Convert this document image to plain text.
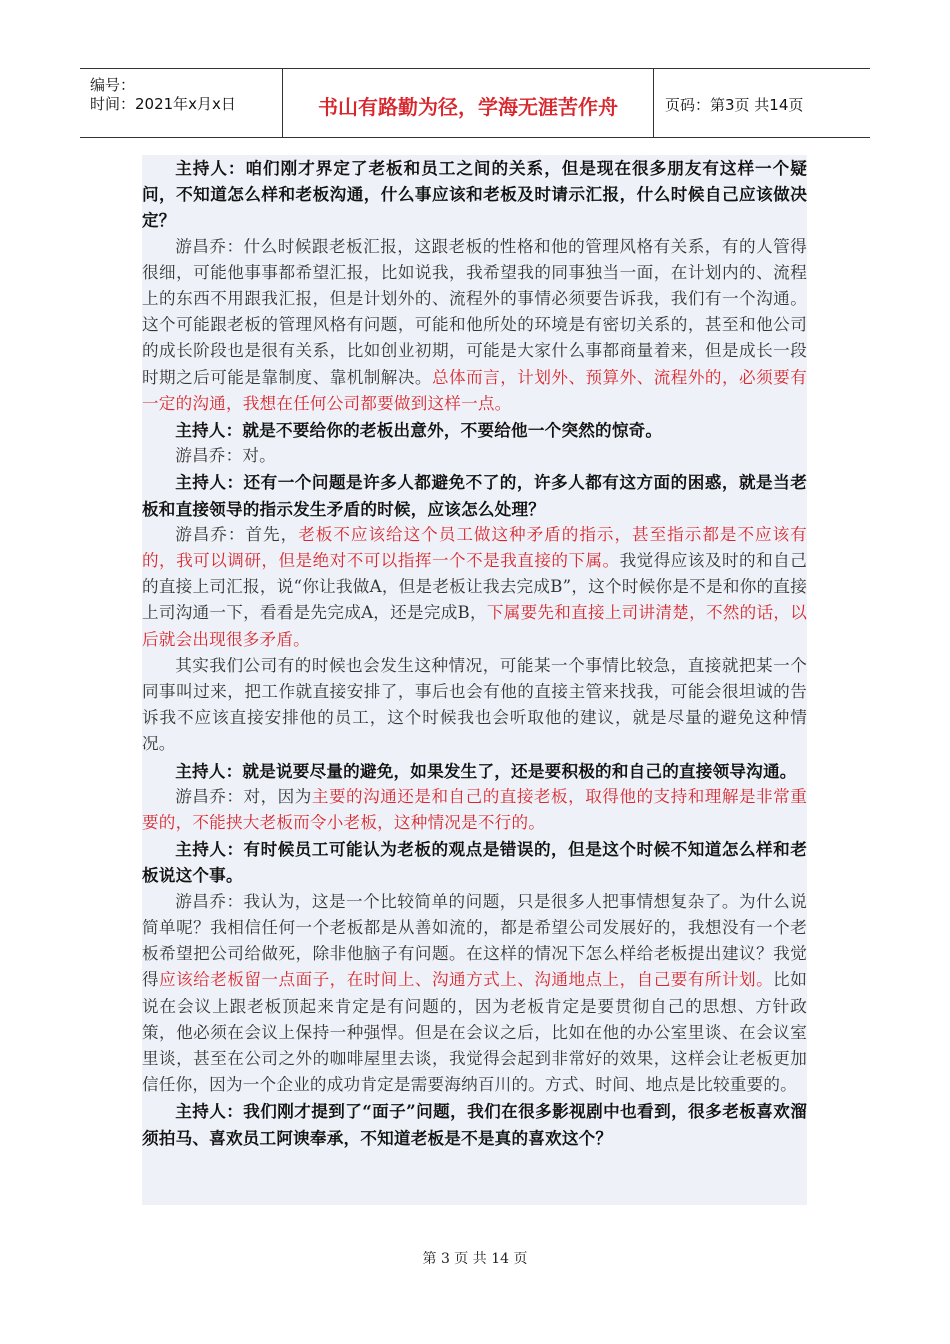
编号：
时间：2021年x月x日	书山有路勤为径，学海无涯苦作舟	页码：第3页 共14页

主持人：咱们刚才界定了老板和员工之间的关系，但是现在很多朋友有这样一个疑问，不知道怎么样和老板沟通，什么事应该和老板及时请示汇报，什么时候自己应该做决定？

游昌乔：什么时候跟老板汇报，这跟老板的性格和他的管理风格有关系，有的人管得很细，可能他事事都希望汇报，比如说我，我希望我的同事独当一面，在计划内的、流程上的东西不用跟我汇报，但是计划外的、流程外的事情必须要告诉我，我们有一个沟通。这个可能跟老板的管理风格有问题，可能和他所处的环境是有密切关系的，甚至和他公司的成长阶段也是很有关系，比如创业初期，可能是大家什么事都商量着来，但是成长一段时期之后可能是靠制度、靠机制解决。总体而言，计划外、预算外、流程外的，必须要有一定的沟通，我想在任何公司都要做到这样一点。

主持人：就是不要给你的老板出意外，不要给他一个突然的惊奇。

游昌乔：对。

主持人：还有一个问题是许多人都避免不了的，许多人都有这方面的困惑，就是当老板和直接领导的指示发生矛盾的时候，应该怎么处理？

游昌乔：首先，老板不应该给这个员工做这种矛盾的指示，甚至指示都是不应该有的，我可以调研，但是绝对不可以指挥一个不是我直接的下属。我觉得应该及时的和自己的直接上司汇报，说“你让我做A，但是老板让我去完成B”，这个时候你是不是和你的直接上司沟通一下，看看是先完成A，还是完成B，下属要先和直接上司讲清楚，不然的话，以后就会出现很多矛盾。

其实我们公司有的时候也会发生这种情况，可能某一个事情比较急，直接就把某一个同事叫过来，把工作就直接安排了，事后也会有他的直接主管来找我，可能会很坦诚的告诉我不应该直接安排他的员工，这个时候我也会听取他的建议，就是尽量的避免这种情况。

主持人：就是说要尽量的避免，如果发生了，还是要积极的和自己的直接领导沟通。

游昌乔：对，因为主要的沟通还是和自己的直接老板，取得他的支持和理解是非常重要的，不能挟大老板而令小老板，这种情况是不行的。

主持人：有时候员工可能认为老板的观点是错误的，但是这个时候不知道怎么样和老板说这个事。

游昌乔：我认为，这是一个比较简单的问题，只是很多人把事情想复杂了。为什么说简单呢？我相信任何一个老板都是从善如流的，都是希望公司发展好的，我想没有一个老板希望把公司给做死，除非他脑子有问题。在这样的情况下怎么样给老板提出建议？我觉得应该给老板留一点面子，在时间上、沟通方式上、沟通地点上，自己要有所计划。比如说在会议上跟老板顶起来肯定是有问题的，因为老板肯定是要贯彻自己的思想、方针政策，他必须在会议上保持一种强悍。但是在会议之后，比如在他的办公室里谈、在会议室里谈，甚至在公司之外的咖啡屋里去谈，我觉得会起到非常好的效果，这样会让老板更加信任你，因为一个企业的成功肯定是需要海纳百川的。方式、时间、地点是比较重要的。

主持人：我们刚才提到了“面子”问题，我们在很多影视剧中也看到，很多老板喜欢溜须拍马、喜欢员工阿谀奉承，不知道老板是不是真的喜欢这个？

第 3 页 共 14 页
